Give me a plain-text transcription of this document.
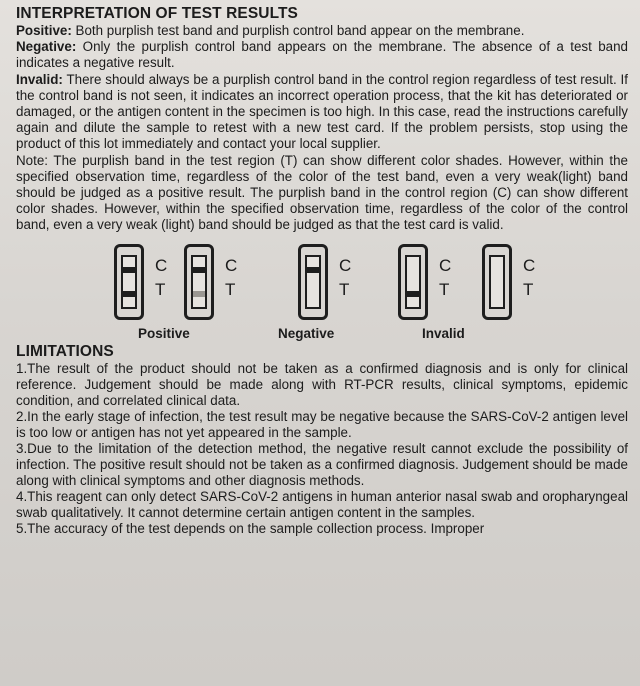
INTERPRETATION OF TEST RESULTS

Positive: Both purplish test band and purplish control band appear on the membrane.

Negative: Only the purplish control band appears on the membrane. The absence of a test band indicates a negative result.

Invalid: There should always be a purplish control band in the control region regardless of test result. If the control band is not seen, it indicates an incorrect operation process, that the kit has deteriorated or damaged, or the antigen content in the specimen is too high. In this case, read the instructions carefully again and dilute the sample to retest with a new test card. If the problem persists, stop using the product of this lot immediately and contact your local supplier.

Note: The purplish band in the test region (T) can show different color shades. However, within the specified observation time, regardless of the color of the test band, even a very weak(light) band should be judged as a positive result. The purplish band in the control region (C) can show different color shades. However, within the specified observation time, regardless of the color of the control band, even a very weak (light) band should be judged as that the test card is valid.

C
T
C
T
C
T
C
T
C
T
Positive	Negative	Invalid
LIMITATIONS

1.The result of the product should not be taken as a confirmed diagnosis and is only for clinical reference. Judgement should be made along with RT-PCR results, clinical symptoms, epidemic condition, and correlated clinical data.

2.In the early stage of infection, the test result may be negative because the SARS-CoV-2 antigen level is too low or antigen has not yet appeared in the sample.

3.Due to the limitation of the detection method, the negative result cannot exclude the possibility of infection. The positive result should not be taken as a confirmed diagnosis. Judgement should be made along with clinical symptoms and other diagnosis methods.

4.This reagent can only detect SARS-CoV-2 antigens in human anterior nasal swab and oropharyngeal swab qualitatively. It cannot determine certain antigen content in the samples.

5.The accuracy of the test depends on the sample collection process. Improper
